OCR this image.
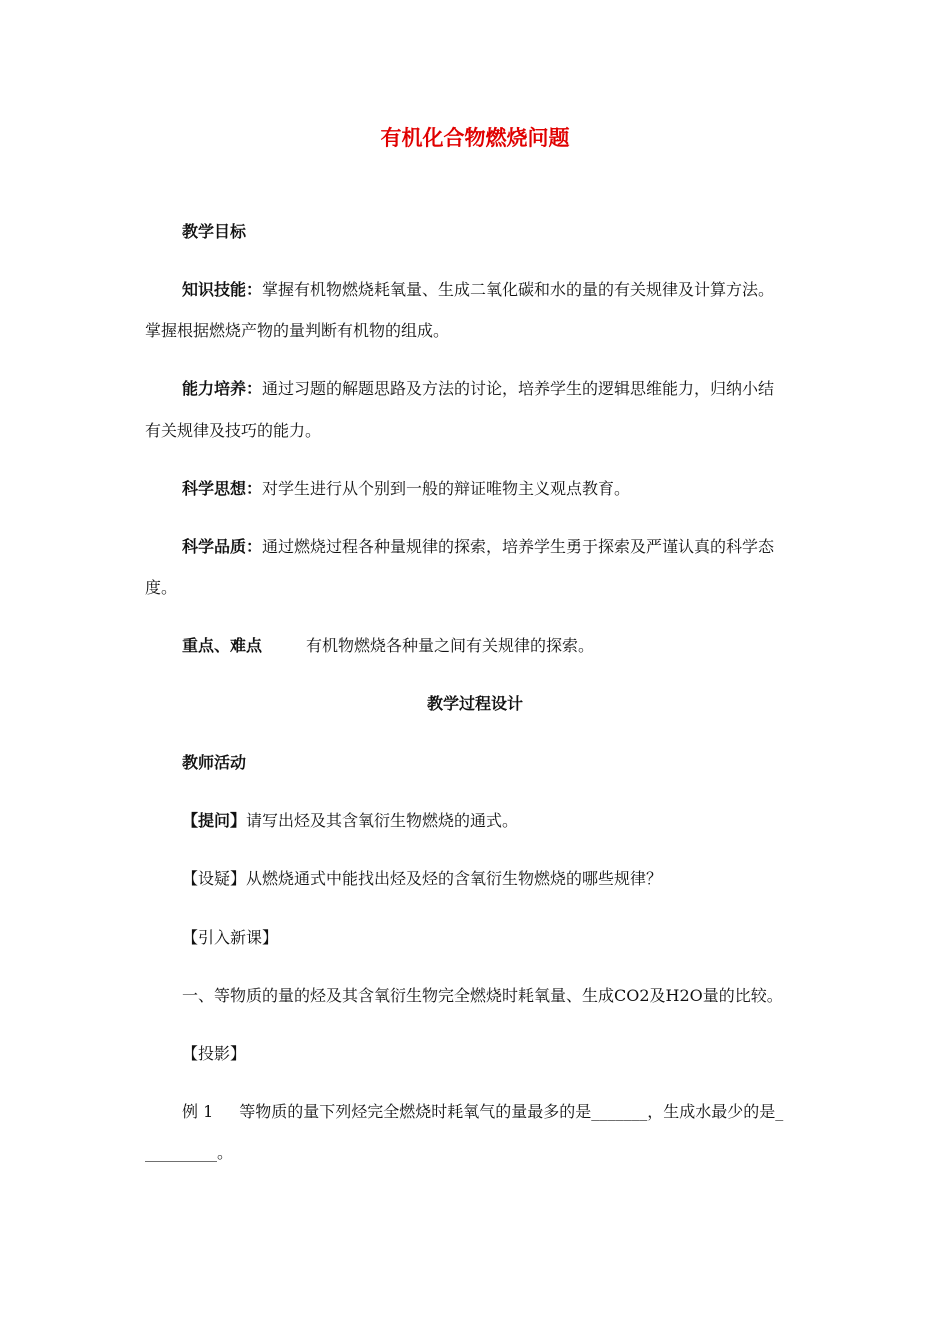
有机化合物燃烧问题
教学目标
知识技能：掌握有机物燃烧耗氧量、生成二氧化碳和水的量的有关规律及计算方法。
掌握根据燃烧产物的量判断有机物的组成。
能力培养：通过习题的解题思路及方法的讨论，培养学生的逻辑思维能力，归纳小结
有关规律及技巧的能力。
科学思想：对学生进行从个别到一般的辩证唯物主义观点教育。
科学品质：通过燃烧过程各种量规律的探索，培养学生勇于探索及严谨认真的科学态
度。
重点、难点	有机物燃烧各种量之间有关规律的探索。
教学过程设计
教师活动
【提问】请写出烃及其含氧衍生物燃烧的通式。
【设疑】从燃烧通式中能找出烃及烃的含氧衍生物燃烧的哪些规律？
【引入新课】
一、等物质的量的烃及其含氧衍生物完全燃烧时耗氧量、生成CO2及H2O量的比较。
【投影】
例 1 等物质的量下列烃完全燃烧时耗氧气的量最多的是_______，生成水最少的是_
_________。
